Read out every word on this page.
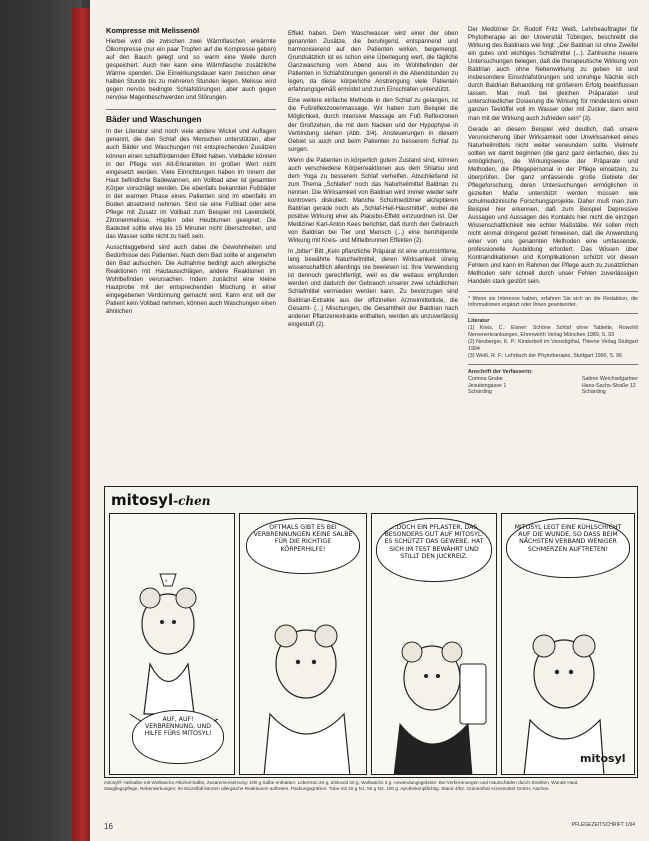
Kompresse mit Melissenöl
Hierbei wird die zwischen zwei Wärmflaschen erwärmte Ölkompresse (nur ein paar Tropfen auf die Kompresse geben) auf den Bauch gelegt und so warm eine Weile durch gespeichert. Auch hier kann eine Wärmflasche zusätzliche Wärme spenden. Die Einwirkungsdauer kann zwischen einer halben Stunde bis zu mehreren Stunden liegen. Melisse wird gegen nervös bedingte Schlafstörungen, aber auch gegen nervöse Magenbeschwerden und Störungen.
Bäder und Waschungen
In der Literatur sind noch viele andere Wickel und Auflagen genannt, die den Schlaf des Menschen unterstützen, aber auch Bäder und Waschungen mit entsprechenden Zusätzen können einen schlaffördernden Effekt haben. Vollbäder können in der Pflege von Alt-Erkrankten im großen Wert nicht eingesetzt werden. Viele Einrichtungen haben im Innern der Haut befindliche Badewannen, ein Vollbad aber ist gesamten Körper vorschlägt werden. Die ebenfalls bekannten Fußbäder in der warmen Phase eines Patienten sind im ebenfalls im Boden absetzend nehmen. Sind sie eine Fußbad oder eine Pflege mit Zusatz im Vollbad zum Beispiel mit Lavendelöl, Zitronenmelisse, Hopfen oder Heublumen geeignet. Die Badezeit sollte etwa bis 15 Minuten nicht überschreiten, und das Wasser sollte nicht zu heiß sein.
Ausschlaggebend sind auch dabei die Gewohnheiten und Bedürfnisse des Patienten. Nach dem Bad sollte er angenehm den Bad aufsuchen. Die Aufnahme bedingt auch allergische Reaktionen mit Hautausschlägen, andere Reaktionen im Wohlbefinden verursachen. Indem zunächst eine kleine Hautprobe mit der entsprechenden Mischung in einer eingegebenen Verdünnung gemacht wird. Kann erst will der Patient kein Vollbad nehmen, können auch Waschungen einen ähnlichen
Effekt haben. Dem Waschwasser wird einer der oben genannten Zusätze, die beruhigend, entspannend und harmonisierend auf den Patienten wirken, beigemengt. Grundsätzlich ist es schon eine Überlegung wert, die tägliche Ganzwaschung vom Abend aus im Wohlbefinden der Patienten in Schlafstörungen generell in die Abendstunden zu legen, da diese körperliche Anstrengung viele Patienten erfahrungsgemäß ermüdet und zum Einschlafen unterstützt.
Eine weitere einfache Methode in den Schlaf zu gelangen, ist die Fußreflexzonenmassage. Wir haben zum Beispiel die Möglichkeit, durch intensive Massage am Fuß Reflexzonen der Großzehen, die mit dem Nacken und der Hypophyse in Verbindung stehen (Abb. 3/4). Ansteuerungen in diesem Gebiet so auch und beim Patienten zu besserem Schlaf zu sorgen.
Wenn die Patienten in körperlich gutem Zustand sind, können auch verschiedene Körperreaktionen aus dem Shiatsu und dem Yoga zu besserem Schlaf verhelfen. Abschließend ist zum Thema „Schlafen“ noch das Naturheilmittel Baldrian zu nennen. Die Wirksamkeit von Baldrian wird immer wieder sehr kontrovers diskutiert. Manche Schulmediziner akzeptieren Baldrian gerade noch als „Schlaf-Heil-Hausmittel“, wobei die positive Wirkung eher als Placebo-Effekt einzuordnen ist. Der Mediziner Karl-Anton Kees berichtet, daß durch den Gebrauch von Baldrian bei Tier und Mensch (...) eine beruhigende Wirkung mit Kreis- und Mittelbrunnen Effekten (2).
In „bitter“ Bitt „Kein pflanzliche Präparat ist eine unumstrittene, lang bewährte Naturheilmittel, deren Wirksamkeit streng wissenschaftlich allerdings nie bewiesen ist. Ihre Verwendung ist dennoch gerechtfertigt, weil es die weitaus empfunden werden und dadurch der Gebrauch unserer zwei schädlichen Schlafmittel vermieden werden kann. Zu bevorzugen sind Baldrian-Extrakte aus der offizinellen Arzneimittelliste, die Gesamt- (...) Mischungen, die Gesamtheit der Baldrian nach anderen Pflanzenextrakte enthalten, werden als unzuverlässig eingestuft (2).
Der Mediziner Dr. Rudolf Fritz Weiß, Lehrbeauftragter für Phytotherapie an der Universität Tübingen, beschreibt die Wirkung des Baldrians wie folgt: „Der Baldrian ist ohne Zweifel ein gutes und wichtiges Schlafmittel (...). Zahlreiche neuere Untersuchungen belegen, daß die therapeutische Wirkung von Baldrian auch ohne Nebenwirkung zu geben ist und insbesondere Einschlafstörungen und unruhige Nächte sich durch Baldrian Behandlung mit größerem Erfolg beeinflussen lassen. Man muß bei gleichen Präparaten und unterschiedlicher Dosierung die Wirkung für mindestens einen ganzen Teelöffel voll im Wasser oder mit Zucker, dann wird man mit der Wirkung auch zufrieden sein“ (3).
Gerade an diesem Beispiel wird deutlich, daß unsere Verunsicherung über Wirksamkeit oder Unwirksamkeit eines Naturheilmittels nicht weiter verwundern sollte. Vielmehr sollten wir damit beginnen (die ganz ganz einfachen, dies zu ermöglichen), die Wirkungsweise der Präparate und Methoden, die Pflegepersonal in der Pflege einsetzen, zu überprüfen. Der ganz umfassende große Gebiete der Pflegeforschung, deren Untersuchungen ermöglichen in gezielten Maße unterstützt werden müssen wie schulmedizinische Forschungsprojekte. Daher muß man zum Beispiel hier erkennen, daß zum Beispiel Depressive Aussagen und Aussagen des Kontakts hier nicht die einzigen Wissenschaftlichkeit wie echter Maßstäbe. Wir sollen mich nicht einmal dringend gezielt hinweisen, daß die Anwendung einer von uns genannten Methoden eine umfassende, professionelle Ausbildung erfordert. Das Wissen über Kontraindikationen und Komplikationen schützt vor diesen Fehlern und kann im Rahmen der Pflege auch zu zusätzlichen Methoden sehr schnell durch unser Fehlen zuverlässigen Handeln stark gestört sein.
* Wenn sie Interesse haben, erfahren Sie sich an die Redaktion, die Informationen ergänzt oder Ihnen geantwortet.
Literatur
(1) Kreis, C.: Elsner: Schöne Schlaf ohne Tablette, Rowohlt Nervenerkrankungen, Ehrenwirth Verlag München 1989, S. 93
(2) Neuberger, K. P.: Kinderbett im Venedigthal, Thieme Verlag Stuttgart 1994
(3) Weiß, R. F.: Lehrbuch der Phytotherapie, Stuttgart 1990, S. 96
Anschrift der Verfasserin:
Corinna Grabe
Jesuitengasse 1
Schärding
Sabine Weichselgartner
Hans-Sachs-Straße 12
Schärding
mitosyl-chen
+
AUF, AUF! VERBRENNUNG, UND HILFE FÜRS MITOSYL!
OFTMALS GIBT ES BEI VERBRENNUNGEN KEINE SALBE FÜR DIE RICHTIGE KÖRPERHILFE!
...DOCH EIN PFLASTER, DAS BESONDERS GUT AUF MITOSYL: ES SCHÜTZT DAS GEWEBE, HAT SICH IM TEST BEWÄHRT UND STILLT DEN JUCKREIZ.
MITOSYL LEGT EINE KÜHLSCHICHT AUF DIE WUNDE, SO DASS BEIM NÄCHSTEN VERBAND WENIGER SCHMERZEN AUFTRETEN!
mitosyl
mitosyl® Heilsalbe mit Wollwachs-Alkohol-Salbe, Zusammensetzung: 100 g Salbe enthalten: Lebertran 20 g, Zinkoxid 20 g, Wollwachs 3 g. Anwendungsgebiete: Bei Verbrennungen und Hautschäden durch Strahlen, Wunde Haut, Säuglingspflege, Nebenwirkungen: Im Einzelfall können allergische Reaktionen auftreten. Packungsgrößen: Tube mit 20 g N1, 50 g N2, 100 g. Apothekenpflichtig. Stand 4/92. Grünenthal Arzneimittel GmbH, Aachen.
16	PFLEGEZEITSCHRIFT 1/94
